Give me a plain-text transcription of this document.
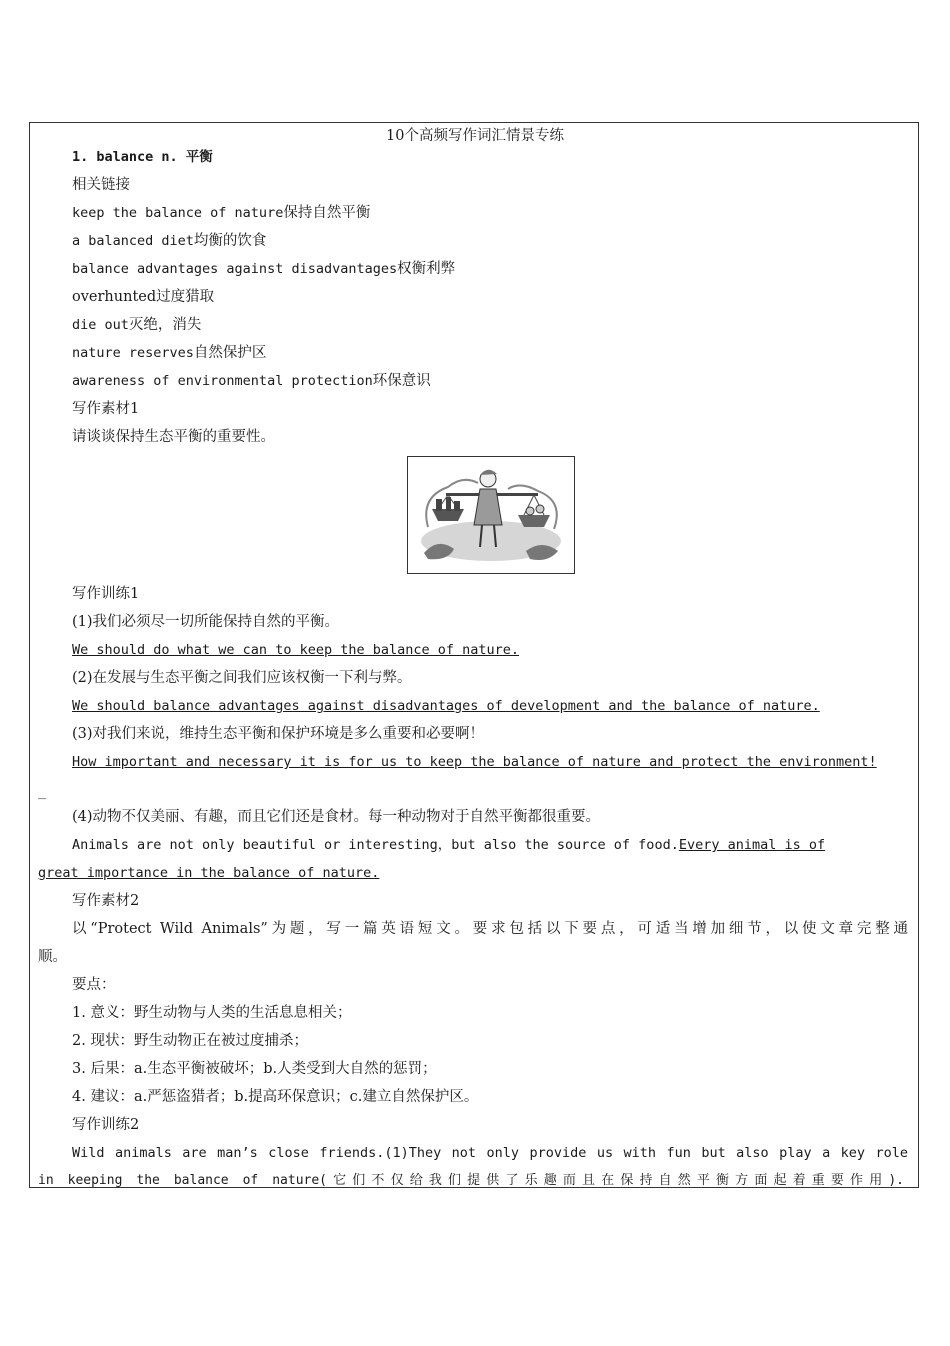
10个高频写作词汇情景专练
1. balance n. 平衡
相关链接
keep the balance of nature保持自然平衡
a balanced diet均衡的饮食
balance advantages against disadvantages权衡利弊
overhunted过度猎取
die out灭绝，消失
nature reserves自然保护区
awareness of environmental protection环保意识
写作素材1
请谈谈保持生态平衡的重要性。
写作训练1
(1)我们必须尽一切所能保持自然的平衡。
We should do what we can to keep the balance of nature.
(2)在发展与生态平衡之间我们应该权衡一下利与弊。
We should balance advantages against disadvantages of development and the balance of nature.
(3)对我们来说，维持生态平衡和保护环境是多么重要和必要啊！
How important and necessary it is for us to keep the balance of nature and protect the environment!
_
(4)动物不仅美丽、有趣，而且它们还是食材。每一种动物对于自然平衡都很重要。
Animals are not only beautiful or interesting，but also the source of food.Every animal is of
great importance in the balance of nature.
写作素材2
以“Protect Wild Animals”为题，写一篇英语短文。要求包括以下要点，可适当增加细节，以使文章完整通
顺。
要点：
1. 意义：野生动物与人类的生活息息相关；
2. 现状：野生动物正在被过度捕杀；
3. 后果：a.生态平衡被破坏；b.人类受到大自然的惩罚；
4. 建议：a.严惩盗猎者；b.提高环保意识；c.建立自然保护区。
写作训练2
Wild animals are man’s close friends.(1)They not only provide us with fun but also play a key role
in keeping the balance of nature(它们不仅给我们提供了乐趣而且在保持自然平衡方面起着重要作用).
